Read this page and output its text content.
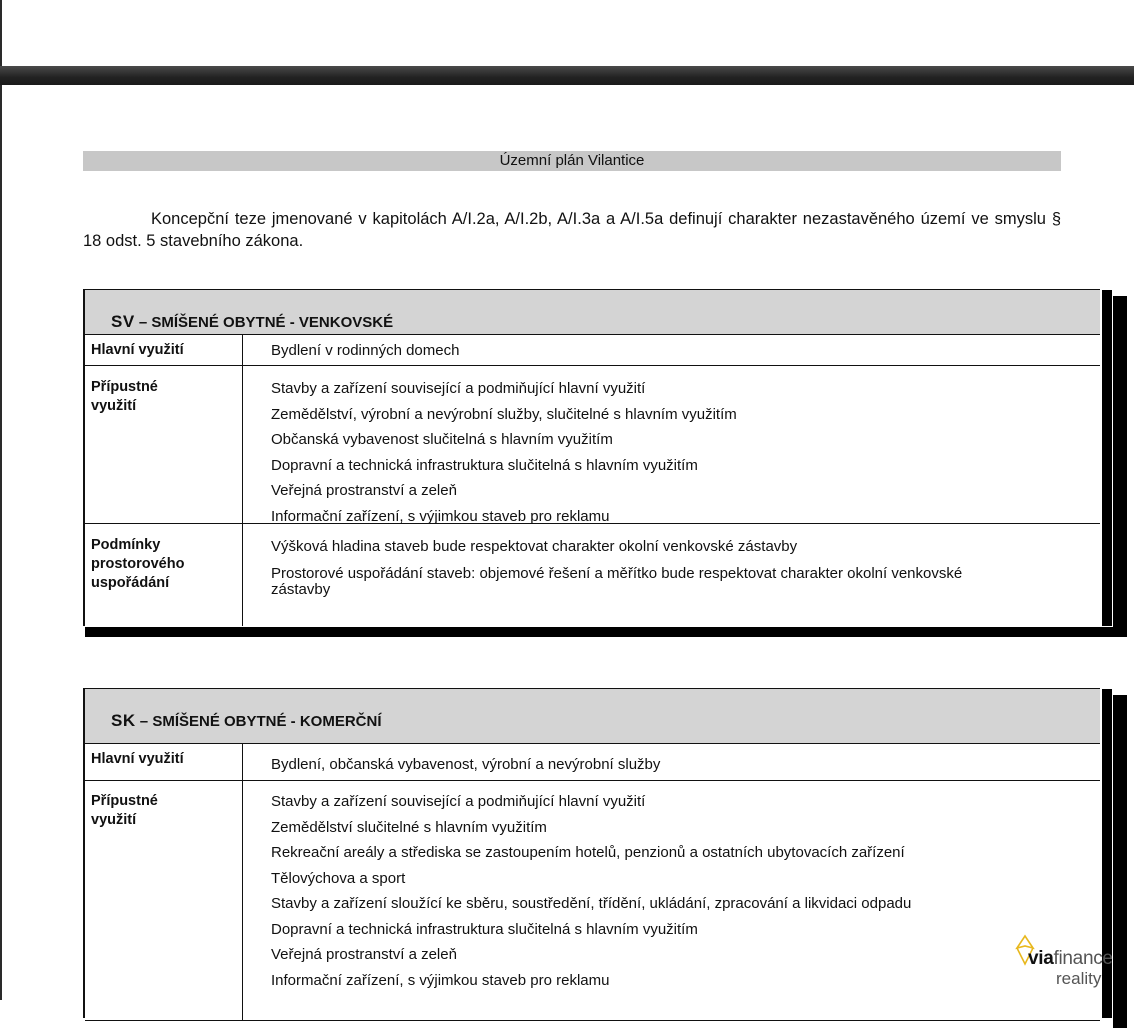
Územní plán Vilantice
Koncepční teze jmenované v kapitolách A/I.2a, A/I.2b, A/I.3a a A/I.5a definují charakter nezastavěného území ve smyslu § 18 odst. 5 stavebního zákona.
SV – SMÍŠENÉ OBYTNÉ - VENKOVSKÉ
Hlavní využití	Bydlení v rodinných domech
Přípustné využití
Stavby a zařízení související a podmiňující hlavní využití
Zemědělství, výrobní a nevýrobní služby, slučitelné s hlavním využitím
Občanská vybavenost slučitelná s hlavním využitím
Dopravní a technická infrastruktura slučitelná s hlavním využitím
Veřejná prostranství a zeleň
Informační zařízení, s výjimkou staveb pro reklamu
Podmínky prostorového uspořádání
Výšková hladina staveb bude respektovat charakter okolní venkovské zástavby
Prostorové uspořádání staveb: objemové řešení a měřítko bude respektovat charakter okolní venkovské zástavby
SK – SMÍŠENÉ OBYTNÉ - KOMERČNÍ
Hlavní využití	Bydlení, občanská vybavenost, výrobní a nevýrobní služby
Přípustné využití
Stavby a zařízení související a podmiňující hlavní využití
Zemědělství slučitelné s hlavním využitím
Rekreační areály a střediska se zastoupením hotelů, penzionů a ostatních ubytovacích zařízení
Tělovýchova a sport
Stavby a zařízení sloužící ke sběru, soustředění, třídění, ukládání, zpracování a likvidaci odpadu
Dopravní a technická infrastruktura slučitelná s hlavním využitím
Veřejná prostranství a zeleň
Informační zařízení, s výjimkou staveb pro reklamu
viafinance
reality
